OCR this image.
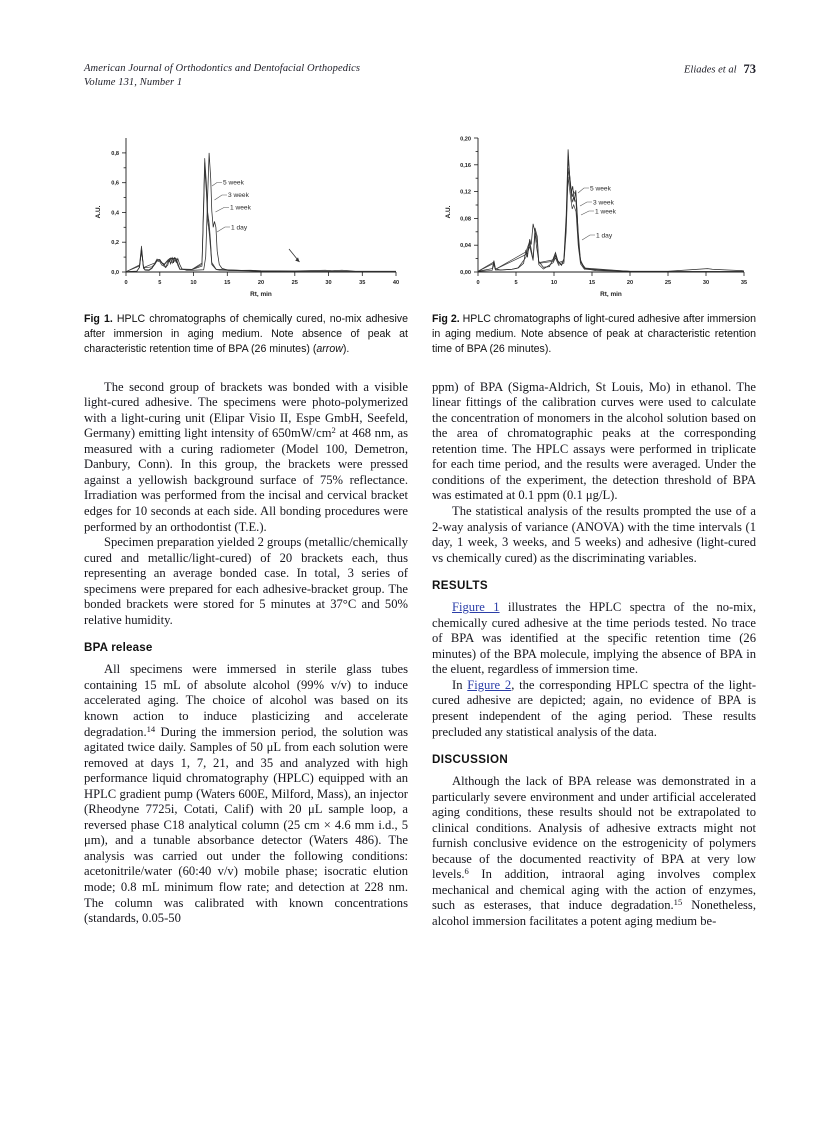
American Journal of Orthodontics and Dentofacial Orthopedics
Volume 131, Number 1
Eliades et al 73
0,0
0,2
0,4
0,6
0,8
0	5	10	15	20	25	30	35	40
Rt, min
A.U.
5 week
3 week
1 week
1 day
Fig 1. HPLC chromatographs of chemically cured, no-mix adhesive after immersion in aging medium. Note absence of peak at characteristic retention time of BPA (26 minutes) (arrow).

The second group of brackets was bonded with a visible light-cured adhesive. The specimens were photo-polymerized with a light-curing unit (Elipar Visio II, Espe GmbH, Seefeld, Germany) emitting light intensity of $650mW/cm^2$ at 468 nm, as measured with a curing radiometer (Model 100, Demetron, Danbury, Conn). In this group, the brackets were pressed against a yellowish background surface of 75% reflectance. Irradiation was performed from the incisal and cervical bracket edges for 10 seconds at each side. All bonding procedures were performed by an orthodontist (T.E.).

Specimen preparation yielded 2 groups (metallic/chemically cured and metallic/light-cured) of 20 brackets each, thus representing an average bonded case. In total, 3 series of specimens were prepared for each adhesive-bracket group. The bonded brackets were stored for 5 minutes at 37°C and 50% relative humidity.

BPA release

All specimens were immersed in sterile glass tubes containing 15 mL of absolute alcohol (99% v/v) to induce accelerated aging. The choice of alcohol was based on its known action to induce plasticizing and accelerate degradation.$^{14}$ During the immersion period, the solution was agitated twice daily. Samples of 50 μL from each solution were removed at days 1, 7, 21, and 35 and analyzed with high performance liquid chromatography (HPLC) equipped with an HPLC gradient pump (Waters 600E, Milford, Mass), an injector (Rheodyne 7725i, Cotati, Calif) with 20 μL sample loop, a reversed phase C18 analytical column (25 cm × 4.6 mm i.d., 5 μm), and a tunable absorbance detector (Waters 486). The analysis was carried out under the following conditions: acetonitrile/water (60:40 v/v) mobile phase; isocratic elution mode; 0.8 mL minimum flow rate; and detection at 228 nm. The column was calibrated with known concentrations (standards, 0.05-50

0,00
0,04
0,08
0,12
0,16
0,20
0	5	10	15	20	25	30	35
Rt, min
A.U.
5 week
3 week
1 week
1 day
Fig 2. HPLC chromatographs of light-cured adhesive after immersion in aging medium. Note absence of peak at characteristic retention time of BPA (26 minutes).

ppm) of BPA (Sigma-Aldrich, St Louis, Mo) in ethanol. The linear fittings of the calibration curves were used to calculate the concentration of monomers in the alcohol solution based on the area of chromatographic peaks at the corresponding retention time. The HPLC assays were performed in triplicate for each time period, and the results were averaged. Under the conditions of the experiment, the detection threshold of BPA was estimated at 0.1 ppm (0.1 μg/L).

The statistical analysis of the results prompted the use of a 2-way analysis of variance (ANOVA) with the time intervals (1 day, 1 week, 3 weeks, and 5 weeks) and adhesive (light-cured vs chemically cured) as the discriminating variables.

RESULTS

Figure 1 illustrates the HPLC spectra of the no-mix, chemically cured adhesive at the time periods tested. No trace of BPA was identified at the specific retention time (26 minutes) of the BPA molecule, implying the absence of BPA in the eluent, regardless of immersion time.

In Figure 2, the corresponding HPLC spectra of the light-cured adhesive are depicted; again, no evidence of BPA is present independent of the aging period. These results precluded any statistical analysis of the data.

DISCUSSION

Although the lack of BPA release was demonstrated in a particularly severe environment and under artificial accelerated aging conditions, these results should not be extrapolated to clinical conditions. Analysis of adhesive extracts might not furnish conclusive evidence on the estrogenicity of polymers because of the documented reactivity of BPA at very low levels.$^6$ In addition, intraoral aging involves complex mechanical and chemical aging with the action of enzymes, such as esterases, that induce degradation.$^{15}$ Nonetheless, alcohol immersion facilitates a potent aging medium be-
